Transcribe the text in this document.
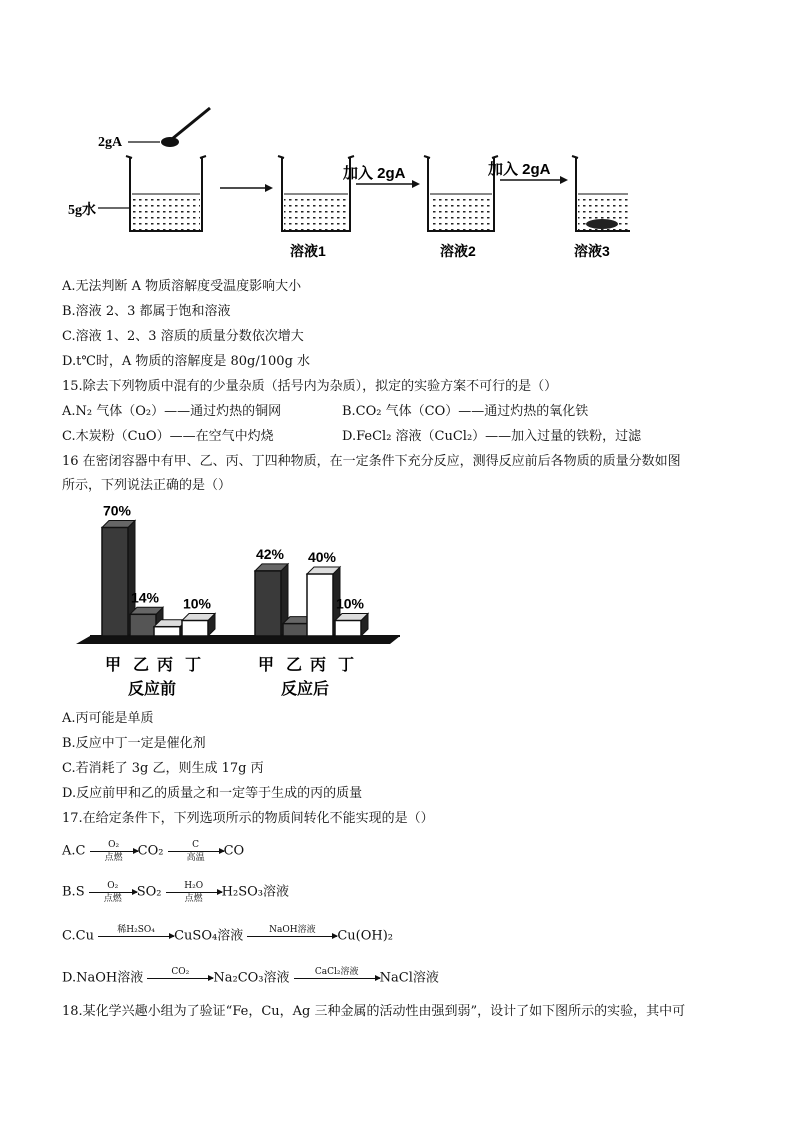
2gA
5g水
溶液1
加入 2gA
溶液2
加入 2gA
溶液3
A.无法判断 A 物质溶解度受温度影响大小
B.溶液 2、3 都属于饱和溶液
C.溶液 1、2、3 溶质的质量分数依次增大
D.t℃时，A 物质的溶解度是 80g/100g 水
15.除去下列物质中混有的少量杂质（括号内为杂质），拟定的实验方案不可行的是（）
A.N₂ 气体（O₂）——通过灼热的铜网	B.CO₂ 气体（CO）——通过灼热的氧化铁
C.木炭粉（CuO）——在空气中灼烧	D.FeCl₂ 溶液（CuCl₂）——加入过量的铁粉，过滤
16 在密闭容器中有甲、乙、丙、丁四种物质，在一定条件下充分反应，测得反应前后各物质的质量分数如图
所示，下列说法正确的是（）
70%
甲
14%
乙 丙
10%
丁
反应前
42%
甲 乙
40%
丙
10%
丁
反应后
A.丙可能是单质
B.反应中丁一定是催化剂
C.若消耗了 3g 乙，则生成 17g 丙
D.反应前甲和乙的质量之和一定等于生成的丙的质量
17.在给定条件下，下列选项所示的物质间转化不能实现的是（）
A.C	O₂
点燃	CO₂	C
高温	CO
B.S	O₂
点燃	SO₂	H₂O
点燃	H₂SO₃溶液
C.Cu	稀H₂SO₄
	CuSO₄溶液	NaOH溶液
	Cu(OH)₂
D.NaOH溶液	CO₂
	Na₂CO₃溶液	CaCl₂溶液
	NaCl溶液
18.某化学兴趣小组为了验证“Fe，Cu，Ag 三种金属的活动性由强到弱”，设计了如下图所示的实验，其中可
